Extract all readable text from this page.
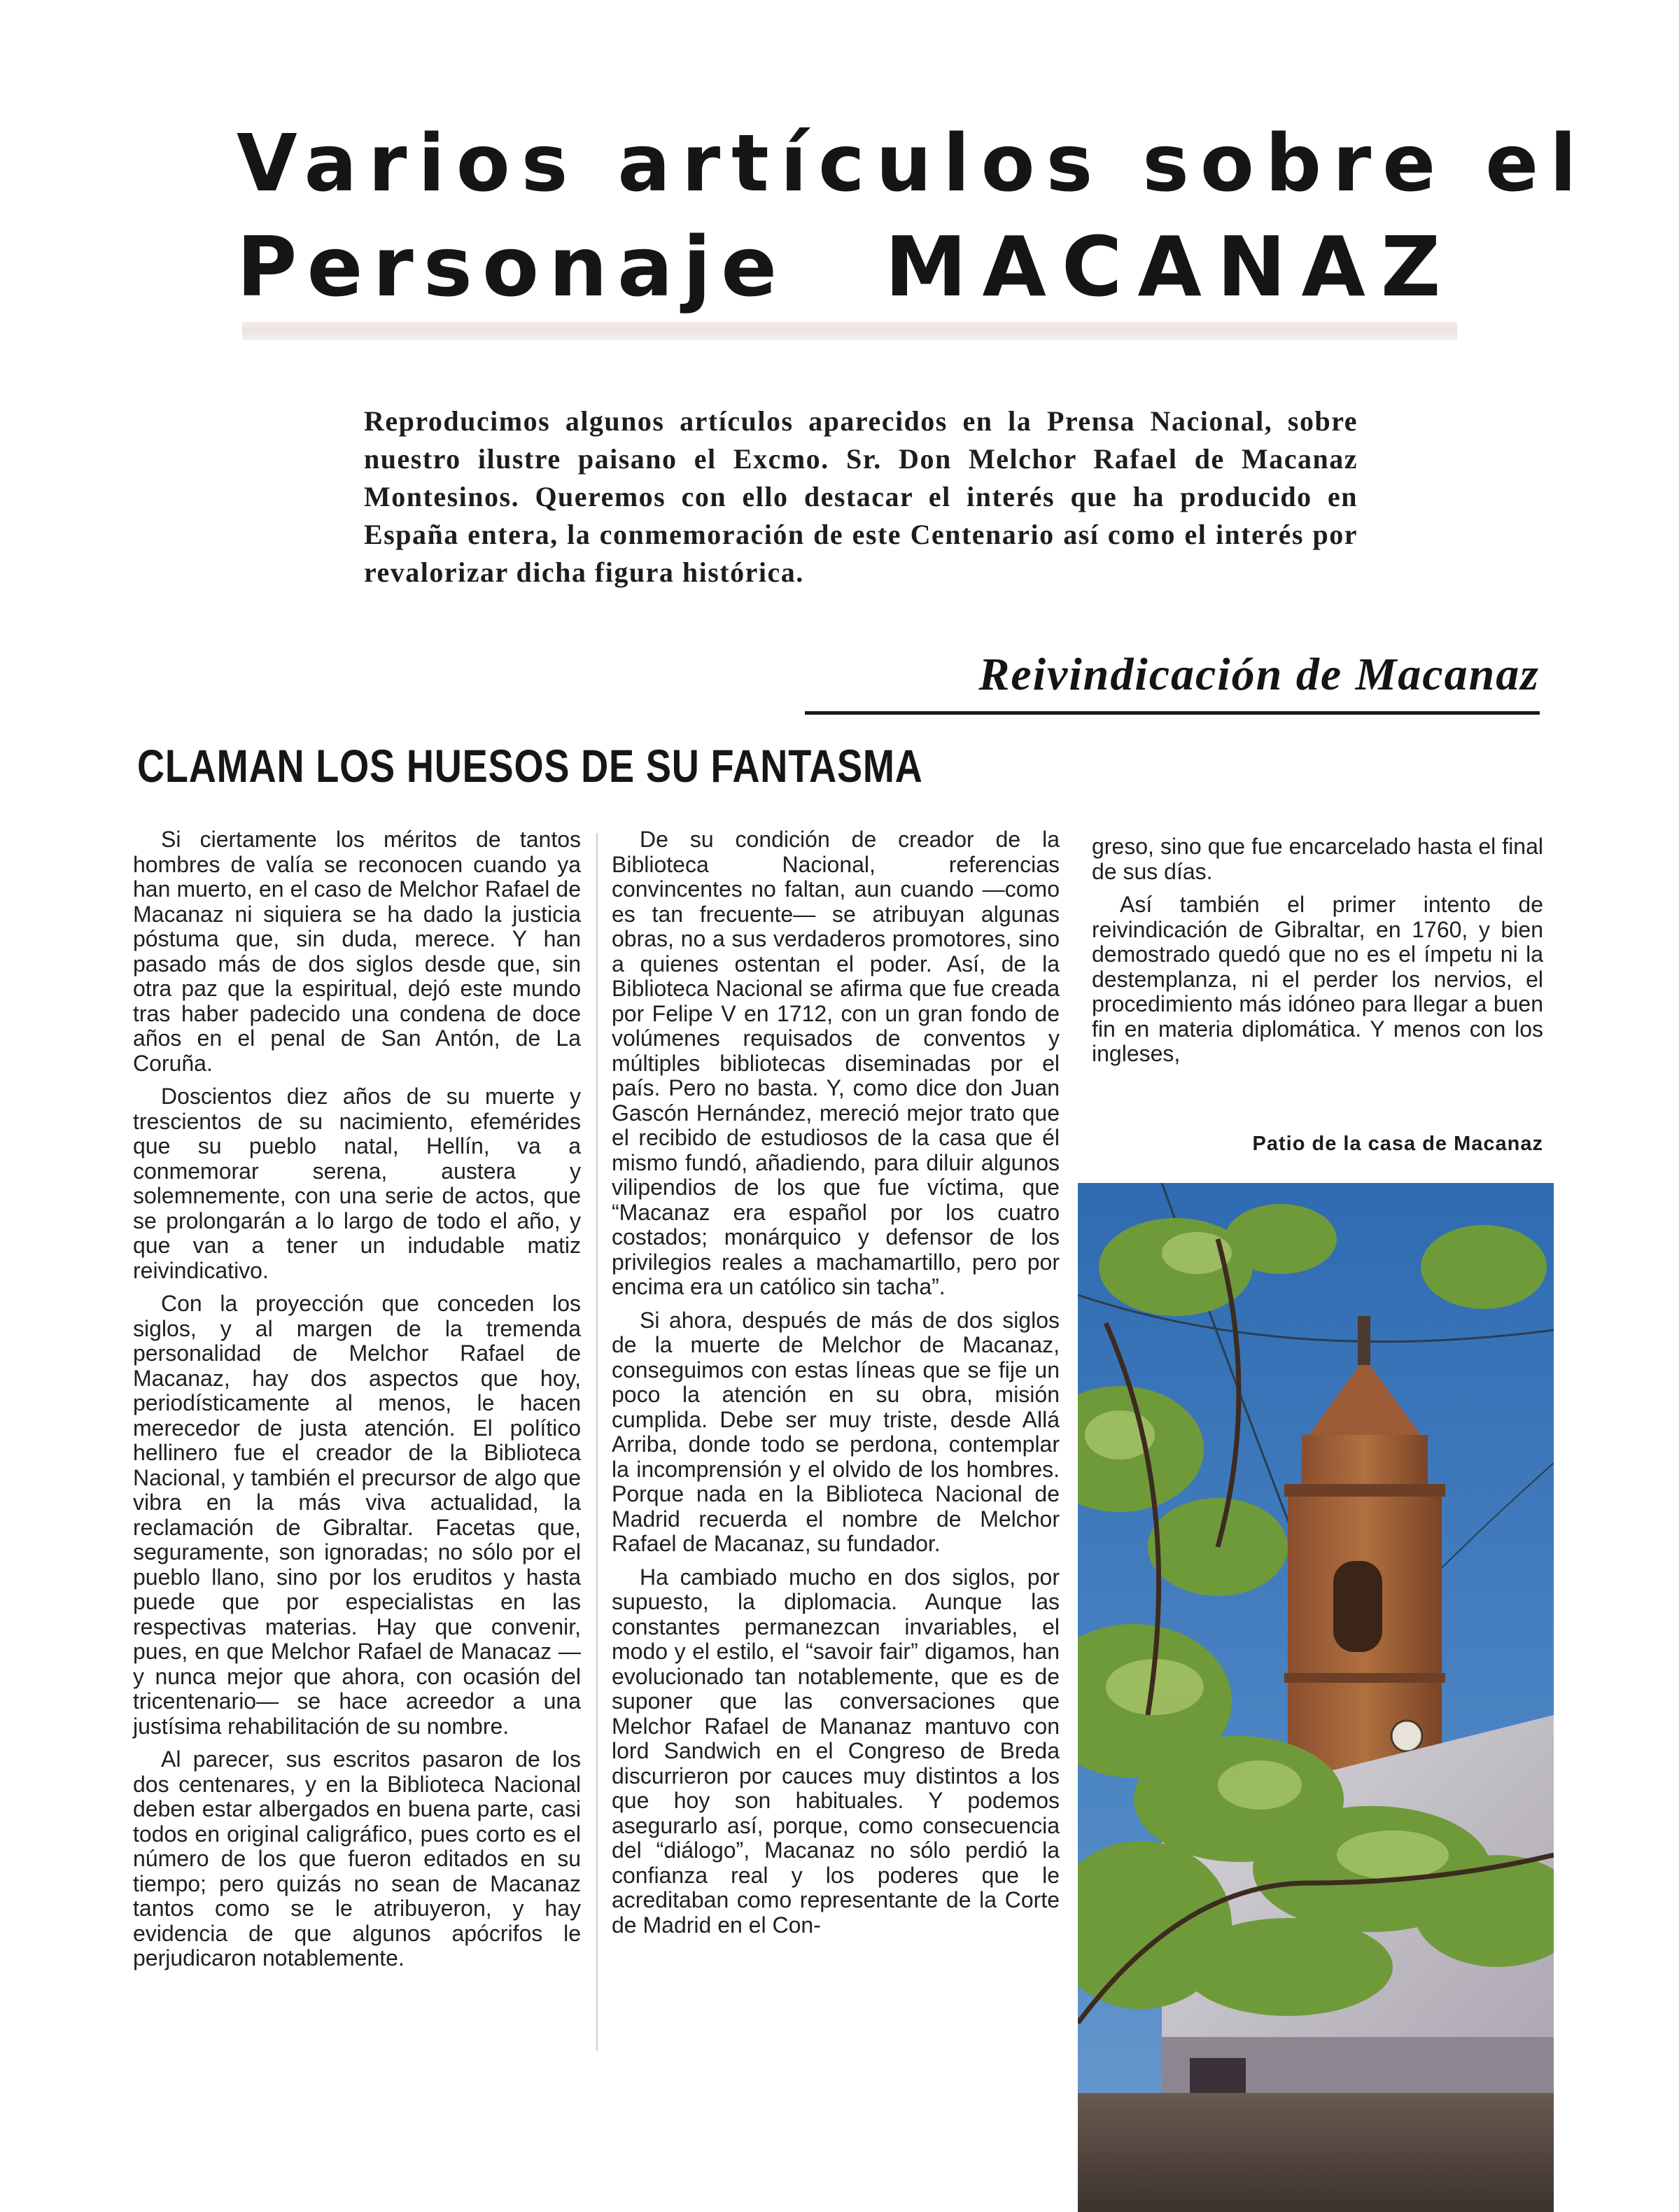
Varios artículos sobre el
Personaje MACANAZ
Reproducimos algunos artículos aparecidos en la Prensa Nacional, sobre nuestro ilustre paisano el Excmo. Sr. Don Melchor Rafael de Macanaz Montesinos. Queremos con ello destacar el interés que ha producido en España entera, la conmemoración de este Centenario así como el interés por revalorizar dicha figura histórica.
Reivindicación de Macanaz
CLAMAN LOS HUESOS DE SU FANTASMA

Si ciertamente los méritos de tantos hombres de valía se reconocen cuando ya han muerto, en el caso de Melchor Rafael de Macanaz ni siquiera se ha dado la justicia póstuma que, sin duda, merece. Y han pasado más de dos siglos desde que, sin otra paz que la espiritual, dejó este mundo tras haber padecido una condena de doce años en el penal de San Antón, de La Coruña.

Doscientos diez años de su muerte y trescientos de su nacimiento, efemérides que su pueblo natal, Hellín, va a conmemorar serena, austera y solemnemente, con una serie de actos, que se prolongarán a lo largo de todo el año, y que van a tener un indudable matiz reivindicativo.

Con la proyección que conceden los siglos, y al margen de la tremenda personalidad de Melchor Rafael de Macanaz, hay dos aspectos que hoy, periodísticamente al menos, le hacen merecedor de justa atención. El político hellinero fue el creador de la Biblioteca Nacional, y también el precursor de algo que vibra en la más viva actualidad, la reclamación de Gibraltar. Facetas que, seguramente, son ignoradas; no sólo por el pueblo llano, sino por los eruditos y hasta puede que por especialistas en las respectivas materias. Hay que convenir, pues, en que Melchor Rafael de Manacaz —y nunca mejor que ahora, con ocasión del tricentenario— se hace acreedor a una justísima rehabilitación de su nombre.

Al parecer, sus escritos pasaron de los dos centenares, y en la Biblioteca Nacional deben estar albergados en buena parte, casi todos en original caligráfico, pues corto es el número de los que fueron editados en su tiempo; pero quizás no sean de Macanaz tantos como se le atribuyeron, y hay evidencia de que algunos apócrifos le perjudicaron notablemente.

De su condición de creador de la Biblioteca Nacional, referencias convincentes no faltan, aun cuando —como es tan frecuente— se atribuyan algunas obras, no a sus verdaderos promotores, sino a quienes ostentan el poder. Así, de la Biblioteca Nacional se afirma que fue creada por Felipe V en 1712, con un gran fondo de volúmenes requisados de conventos y múltiples bibliotecas diseminadas por el país. Pero no basta. Y, como dice don Juan Gascón Hernández, mereció mejor trato que el recibido de estudiosos de la casa que él mismo fundó, añadiendo, para diluir algunos vilipendios de los que fue víctima, que “Macanaz era español por los cuatro costados; monárquico y defensor de los privilegios reales a machamartillo, pero por encima era un católico sin tacha”.

Si ahora, después de más de dos siglos de la muerte de Melchor de Macanaz, conseguimos con estas líneas que se fije un poco la atención en su obra, misión cumplida. Debe ser muy triste, desde Allá Arriba, donde todo se perdona, contemplar la incomprensión y el olvido de los hombres. Porque nada en la Biblioteca Nacional de Madrid recuerda el nombre de Melchor Rafael de Macanaz, su fundador.

Ha cambiado mucho en dos siglos, por supuesto, la diplomacia. Aunque las constantes permanezcan invariables, el modo y el estilo, el “savoir fair” digamos, han evolucionado tan notablemente, que es de suponer que las conversaciones que Melchor Rafael de Mananaz mantuvo con lord Sandwich en el Congreso de Breda discurrieron por cauces muy distintos a los que hoy son habituales. Y podemos asegurarlo así, porque, como consecuencia del “diálogo”, Macanaz no sólo perdió la confianza real y los poderes que le acreditaban como representante de la Corte de Madrid en el Con-

greso, sino que fue encarcelado hasta el final de sus días.

Así también el primer intento de reivindicación de Gibraltar, en 1760, y bien demostrado quedó que no es el ímpetu ni la destemplanza, ni el perder los nervios, el procedimiento más idóneo para llegar a buen fin en materia diplomática. Y menos con los ingleses,

Patio de la casa de Macanaz
